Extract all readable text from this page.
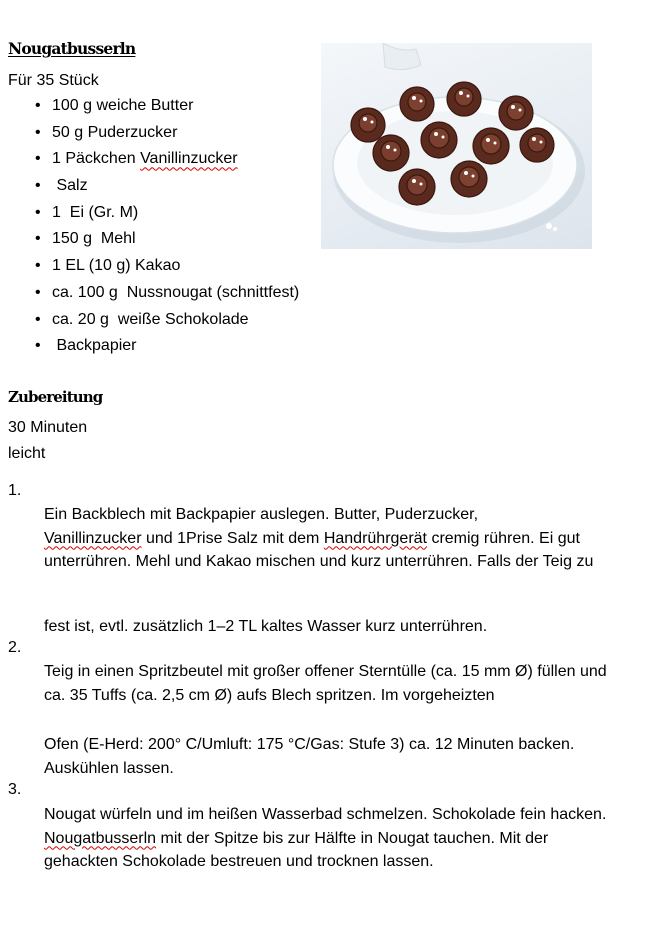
Nougatbusserln
Für 35 Stück
• 100 g weiche Butter
• 50 g Puderzucker
• 1 Päckchen Vanillinzucker
• Salz
• 1  Ei (Gr. M)
• 150 g  Mehl
• 1 EL (10 g) Kakao
• ca. 100 g  Nussnougat (schnittfest)
• ca. 20 g  weiße Schokolade
• Backpapier
Zubereitung
30 Minuten
leicht
1.
Ein Backblech mit Backpapier auslegen. Butter, Puderzucker,
Vanillinzucker und 1Prise Salz mit dem Handrührgerät cremig rühren. Ei gut unterrühren. Mehl und Kakao mischen und kurz unterrühren. Falls der Teig zu
fest ist, evtl. zusätzlich 1–2 TL kaltes Wasser kurz unterrühren.
2.
Teig in einen Spritzbeutel mit großer offener Sterntülle (ca. 15 mm Ø) füllen und ca. 35 Tuffs (ca. 2,5 cm Ø) aufs Blech spritzen. Im vorgeheizten
Ofen (E-Herd: 200° C/Umluft: 175 °C/Gas: Stufe 3) ca. 12 Minuten backen. Auskühlen lassen.
3.
Nougat würfeln und im heißen Wasserbad schmelzen. Schokolade fein hacken. Nougatbusserln mit der Spitze bis zur Hälfte in Nougat tauchen. Mit der gehackten Schokolade bestreuen und trocknen lassen.
